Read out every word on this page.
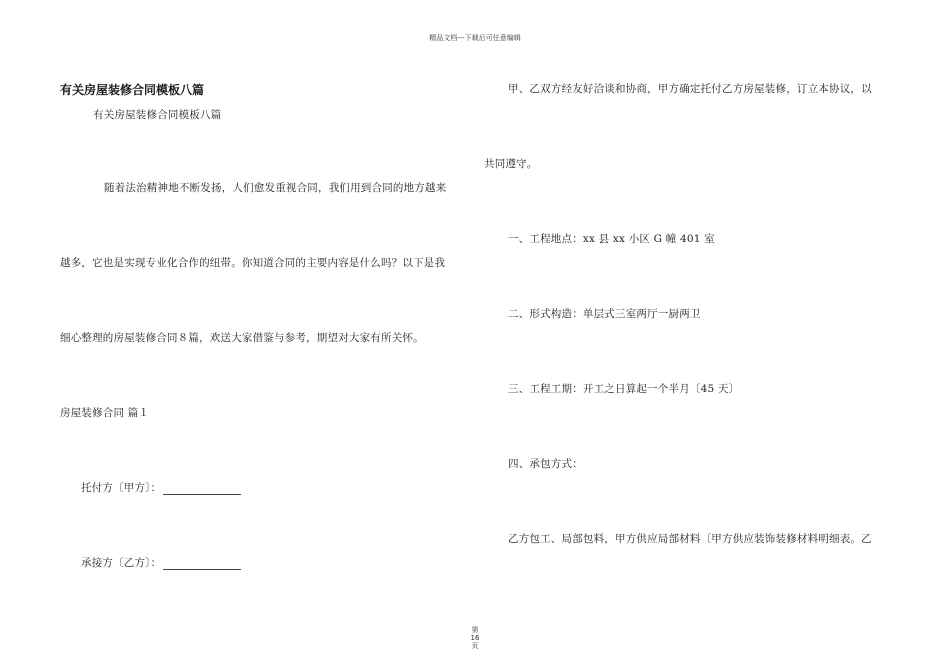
精品文档---下载后可任意编辑
有关房屋装修合同模板八篇
有关房屋装修合同模板八篇
随着法治精神地不断发扬，人们愈发重视合同，我们用到合同的地方越来
越多，它也是实现专业化合作的纽带。你知道合同的主要内容是什么吗？以下是我
细心整理的房屋装修合同８篇，欢送大家借鉴与参考，期望对大家有所关怀。
房屋装修合同 篇１
托付方〔甲方〕：
承接方〔乙方〕：
甲、乙双方经友好洽谈和协商，甲方确定托付乙方房屋装修，订立本协议，以
共同遵守。
一、工程地点：xx 县 xx 小区 G 幢 401 室
二、形式构造：单层式三室两厅一厨两卫
三、工程工期：开工之日算起一个半月〔45 天〕
四、承包方式：
乙方包工、局部包料，甲方供应局部材料〔甲方供应装饰装修材料明细表。乙
第
16
页
